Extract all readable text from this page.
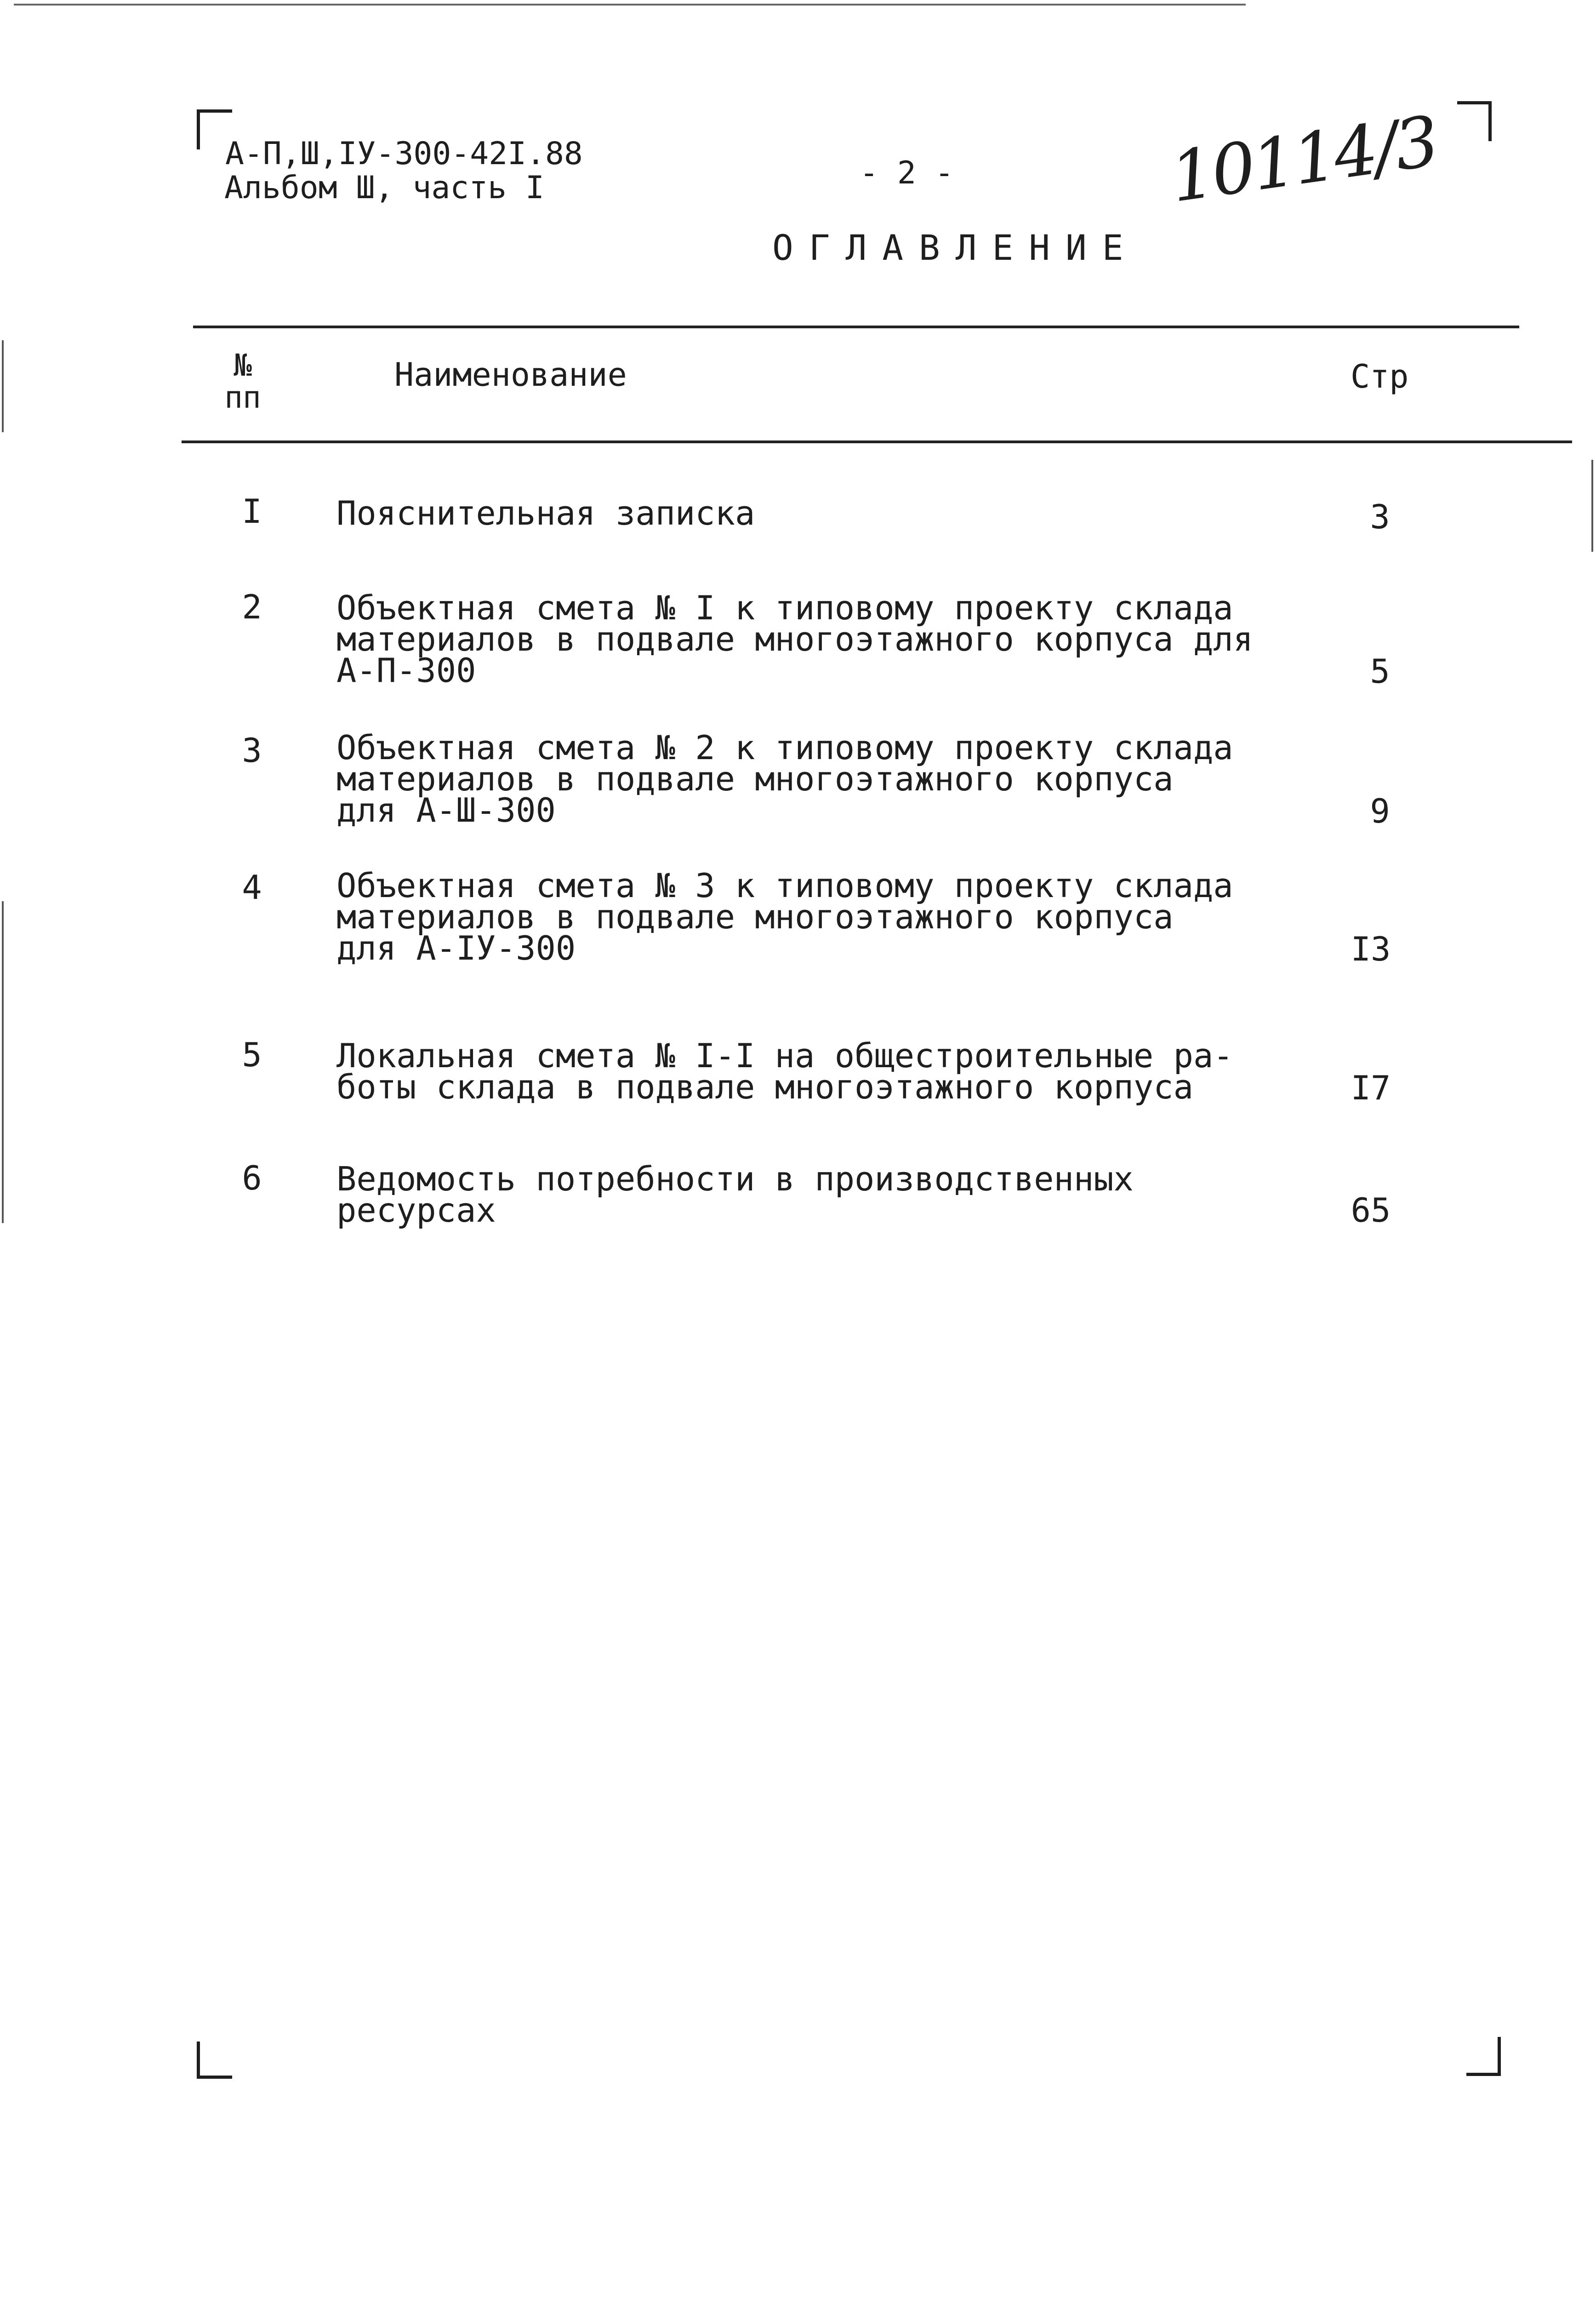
А-П,Ш,IУ-300-42I.88
Альбом Ш, часть I	- 2 -	10114/3
ОГЛАВЛЕНИЕ
№
пп
Наименование	Стр
I	Пояснительная записка	3
2	Объектная смета № I к типовому проекту склада
материалов в подвале многоэтажного корпуса для
А-П-300	5
3	Объектная смета № 2 к типовому проекту склада
материалов в подвале многоэтажного корпуса
для А-Ш-300	9
4	Объектная смета № 3 к типовому проекту склада
материалов в подвале многоэтажного корпуса
для А-IУ-300	I3
5	Локальная смета № I-I на общестроительные ра-
боты склада в подвале многоэтажного корпуса	I7
6	Ведомость потребности в производственных
ресурсах	65
